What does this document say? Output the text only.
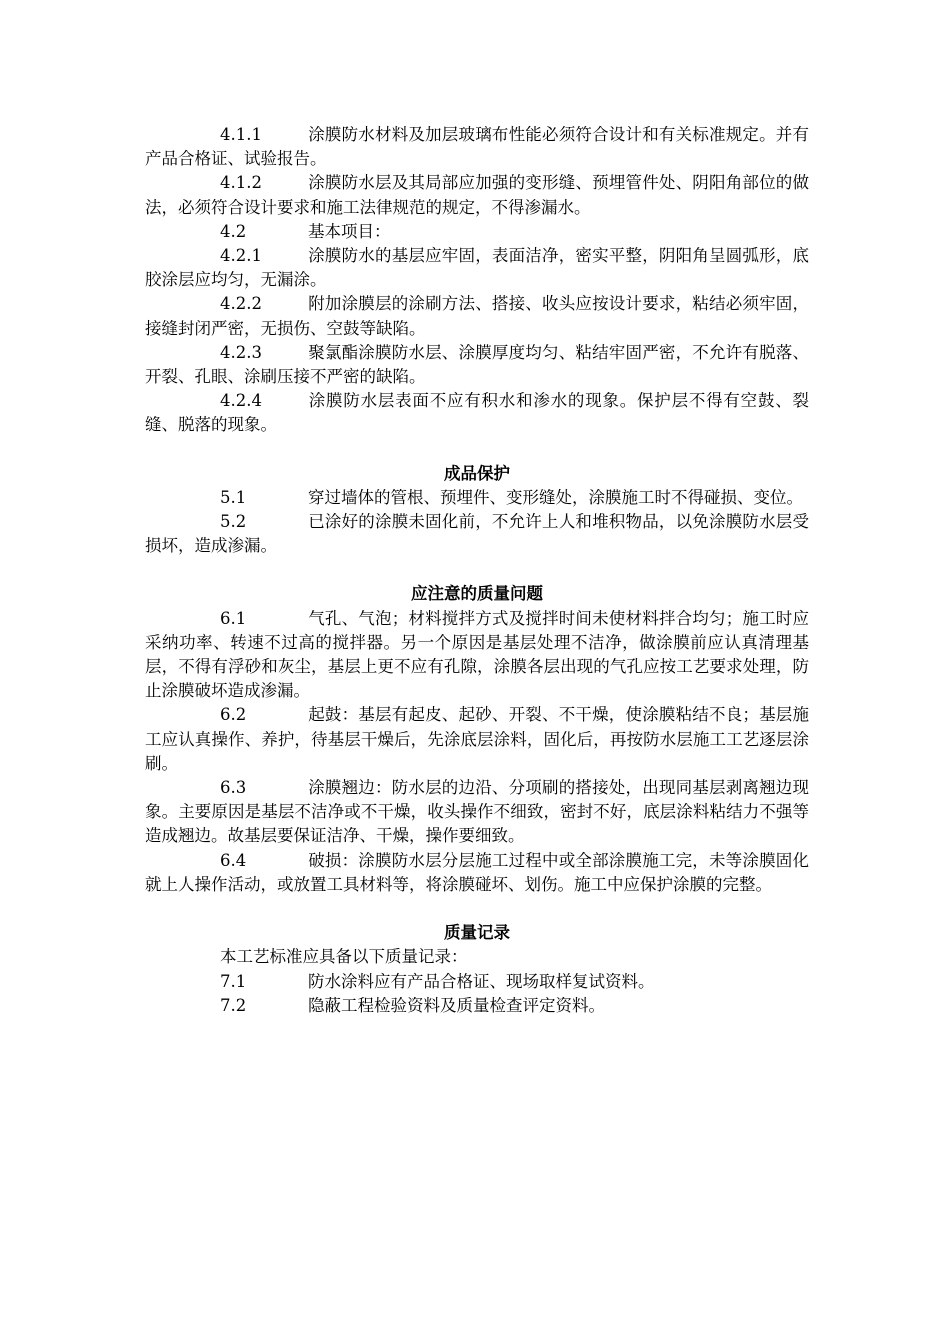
4.1.1	涂膜防水材料及加层玻璃布性能必须符合设计和有关标准规定。并有产品合格证、试验报告。

4.1.2	涂膜防水层及其局部应加强的变形缝、预埋管件处、阴阳角部位的做法，必须符合设计要求和施工法律规范的规定，不得渗漏水。

4.2	基本项目：

4.2.1	涂膜防水的基层应牢固，表面洁净，密实平整，阴阳角呈圆弧形，底胶涂层应均匀，无漏涂。

4.2.2	附加涂膜层的涂刷方法、搭接、收头应按设计要求，粘结必须牢固，接缝封闭严密，无损伤、空鼓等缺陷。

4.2.3	聚氯酯涂膜防水层、涂膜厚度均匀、粘结牢固严密，不允许有脱落、开裂、孔眼、涂刷压接不严密的缺陷。

4.2.4	涂膜防水层表面不应有积水和渗水的现象。保护层不得有空鼓、裂缝、脱落的现象。

成品保护

5.1	穿过墙体的管根、预埋件、变形缝处，涂膜施工时不得碰损、变位。

5.2	已涂好的涂膜未固化前，不允许上人和堆积物品，以免涂膜防水层受损坏，造成渗漏。

应注意的质量问题

6.1	气孔、气泡；材料搅拌方式及搅拌时间未使材料拌合均匀；施工时应采纳功率、转速不过高的搅拌器。另一个原因是基层处理不洁净，做涂膜前应认真清理基层，不得有浮砂和灰尘，基层上更不应有孔隙，涂膜各层出现的气孔应按工艺要求处理，防止涂膜破坏造成渗漏。

6.2	起鼓：基层有起皮、起砂、开裂、不干燥，使涂膜粘结不良；基层施工应认真操作、养护，待基层干燥后，先涂底层涂料，固化后，再按防水层施工工艺逐层涂刷。

6.3	涂膜翘边：防水层的边沿、分项刷的搭接处，出现同基层剥离翘边现象。主要原因是基层不洁净或不干燥，收头操作不细致，密封不好，底层涂料粘结力不强等造成翘边。故基层要保证洁净、干燥，操作要细致。

6.4	破损：涂膜防水层分层施工过程中或全部涂膜施工完，未等涂膜固化就上人操作活动，或放置工具材料等，将涂膜碰坏、划伤。施工中应保护涂膜的完整。

质量记录

本工艺标准应具备以下质量记录：

7.1	防水涂料应有产品合格证、现场取样复试资料。

7.2	隐蔽工程检验资料及质量检查评定资料。
